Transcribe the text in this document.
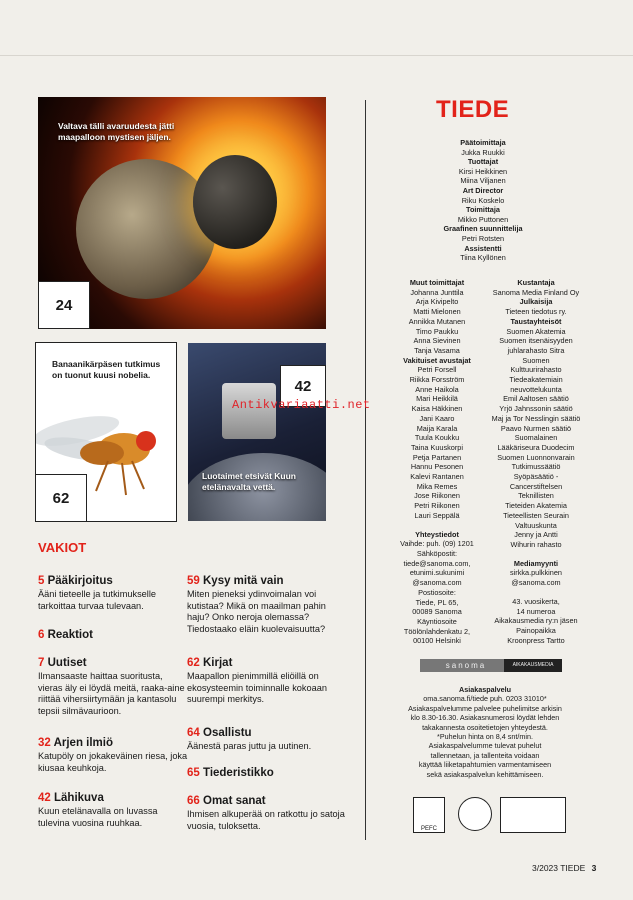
Valtava tälli avaruudesta jätti maapalloon mystisen jäljen.
24
Banaanikärpäsen tutkimus on tuonut kuusi nobelia.
62
Luotaimet etsivät Kuun etelänavalta vettä.
42
Antikvariaatti.net
VAKIOT
5 Pääkirjoitus
Ääni tieteelle ja tutkimukselle tarkoittaa turvaa tulevaan.
6 Reaktiot
7 Uutiset
Ilmansaaste haittaa suoritusta, vieras äly ei löydä meitä, raaka-aine riittää vihersiirtymään ja kantasolu tepsii silmävaurioon.
32 Arjen ilmiö
Katupöly on jokakeväinen riesa, joka kiusaa keuhkoja.
42 Lähikuva
Kuun etelänavalla on luvassa tulevina vuosina ruuhkaa.
59 Kysy mitä vain
Miten pieneksi ydinvoimalan voi kutistaa? Mikä on maailman pahin haju? Onko neroja olemassa? Tiedostaako eläin kuolevaisuutta?
62 Kirjat
Maapallon pienimmillä eliöillä on ekosysteemin toiminnalle kokoaan suurempi merkitys.
64 Osallistu
Äänestä paras juttu ja uutinen.
65 Tiederistikko
66 Omat sanat
Ihmisen alkuperää on ratkottu jo satoja vuosia, tuloksetta.
TIEDE
Päätoimittaja
Jukka Ruukki
Tuottajat
Kirsi Heikkinen
Miina Viljanen
Art Director
Riku Koskelo
Toimittaja
Mikko Puttonen
Graafinen suunnittelija
Petri Rotsten
Assistentti
Tiina Kyllönen
Muut toimittajat
Johanna Junttila
Arja Kivipelto
Matti Mielonen
Annikka Mutanen
Timo Paukku
Anna Sievinen
Tanja Vasama
Vakituiset avustajat
Petri Forsell
Riikka Forsström
Anne Haikola
Mari Heikkilä
Kaisa Häkkinen
Jani Kaaro
Maija Karala
Tuula Koukku
Taina Kuuskorpi
Petja Partanen
Hannu Pesonen
Kalevi Rantanen
Mika Remes
Jose Riikonen
Petri Riikonen
Lauri Seppälä
Yhteystiedot
Vaihde: puh. (09) 1201
Sähköpostit:
tiede@sanoma.com,
etunimi.sukunimi
@sanoma.com
Postiosoite:
Tiede, PL 65,
00089 Sanoma
Käyntiosoite
Töölönlahdenkatu 2,
00100 Helsinki
Kustantaja
Sanoma Media Finland Oy
Julkaisija
Tieteen tiedotus ry.
Taustayhteisöt
Suomen Akatemia
Suomen itsenäisyyden
juhlarahasto Sitra
Suomen
Kulttuurirahasto
Tiedeakatemiain
neuvottelukunta
Emil Aaltosen säätiö
Yrjö Jahnssonin säätiö
Maj ja Tor Nesslingin säätiö
Paavo Nurmen säätiö
Suomalainen
Lääkäriseura Duodecim
Suomen Luonnonvarain
Tutkimussäätiö
Syöpäsäätiö -
Cancerstiftelsen
Teknillisten
Tieteiden Akatemia
Tieteellisten Seurain
Valtuuskunta
Jenny ja Antti
Wihurin rahasto
Mediamyynti
sirkka.pulkkinen
@sanoma.com
43. vuosikerta,
14 numeroa
Aikakausmedia ry:n jäsen
Painopaikka
Kroonpress Tartto
sanoma	AIKAKAUSMEDIA
Asiakaspalvelu
oma.sanoma.fi/tiede puh. 0203 31010*
Asiakaspalvelumme palvelee puhelimitse arkisin
klo 8.30-16.30. Asiakasnumerosi löydät lehden
takakannesta osoitetietojen yhteydestä.
*Puhelun hinta on 8,4 snt/min.
Asiakaspalvelumme tulevat puhelut
tallennetaan, ja tallenteita voidaan
käyttää liiketapahtumien varmentamiseen
sekä asiakaspalvelun kehittämiseen.
PEFC
3/2023 TIEDE 3
